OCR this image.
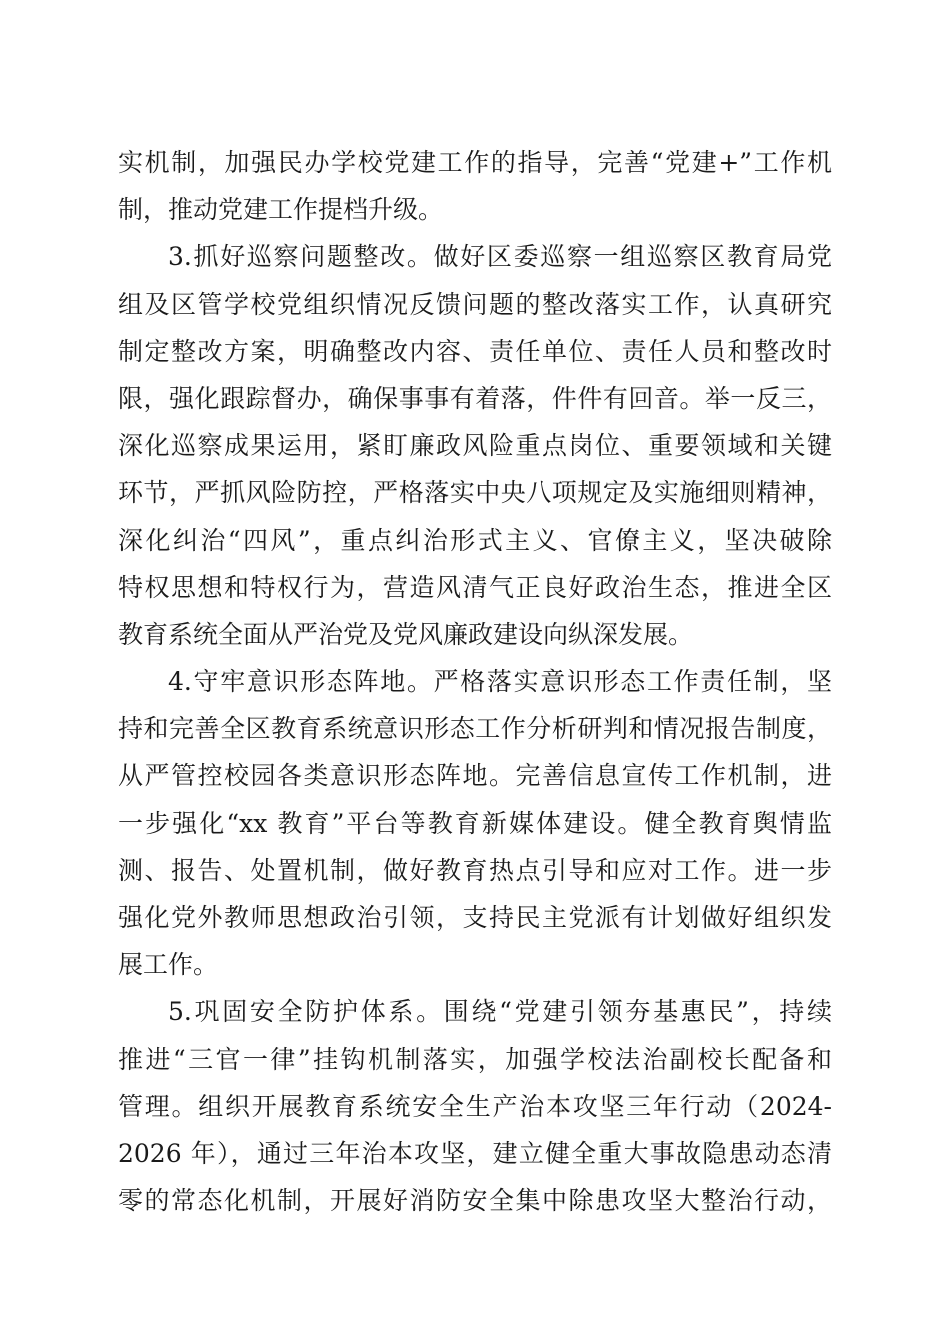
实机制，加强民办学校党建工作的指导，完善“党建+”工作机
制，推动党建工作提档升级。
3.抓好巡察问题整改。做好区委巡察一组巡察区教育局党
组及区管学校党组织情况反馈问题的整改落实工作，认真研究
制定整改方案，明确整改内容、责任单位、责任人员和整改时
限，强化跟踪督办，确保事事有着落，件件有回音。举一反三，
深化巡察成果运用，紧盯廉政风险重点岗位、重要领域和关键
环节，严抓风险防控，严格落实中央八项规定及实施细则精神，
深化纠治“四风”，重点纠治形式主义、官僚主义，坚决破除
特权思想和特权行为，营造风清气正良好政治生态，推进全区
教育系统全面从严治党及党风廉政建设向纵深发展。
4.守牢意识形态阵地。严格落实意识形态工作责任制，坚
持和完善全区教育系统意识形态工作分析研判和情况报告制度，
从严管控校园各类意识形态阵地。完善信息宣传工作机制，进
一步强化“xx 教育”平台等教育新媒体建设。健全教育舆情监
测、报告、处置机制，做好教育热点引导和应对工作。进一步
强化党外教师思想政治引领，支持民主党派有计划做好组织发
展工作。
5.巩固安全防护体系。围绕“党建引领夯基惠民”，持续
推进“三官一律”挂钩机制落实，加强学校法治副校长配备和
管理。组织开展教育系统安全生产治本攻坚三年行动（2024-
2026 年），通过三年治本攻坚，建立健全重大事故隐患动态清
零的常态化机制，开展好消防安全集中除患攻坚大整治行动，
